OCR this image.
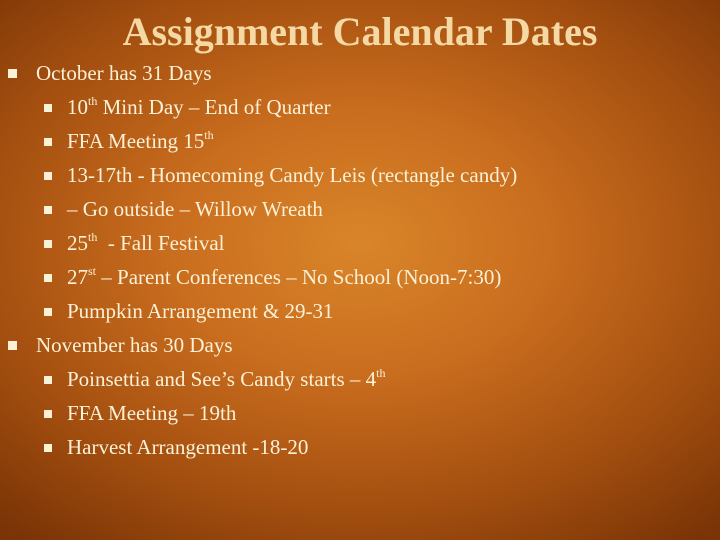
Assignment Calendar Dates
October has 31 Days
10th Mini Day – End of Quarter
FFA Meeting 15th
13-17th - Homecoming Candy Leis (rectangle candy)
– Go outside – Willow Wreath
25th  - Fall Festival
27st – Parent Conferences – No School (Noon-7:30)
Pumpkin Arrangement & 29-31
November has 30 Days
Poinsettia and See’s Candy starts – 4th
FFA Meeting – 19th
Harvest Arrangement -18-20
